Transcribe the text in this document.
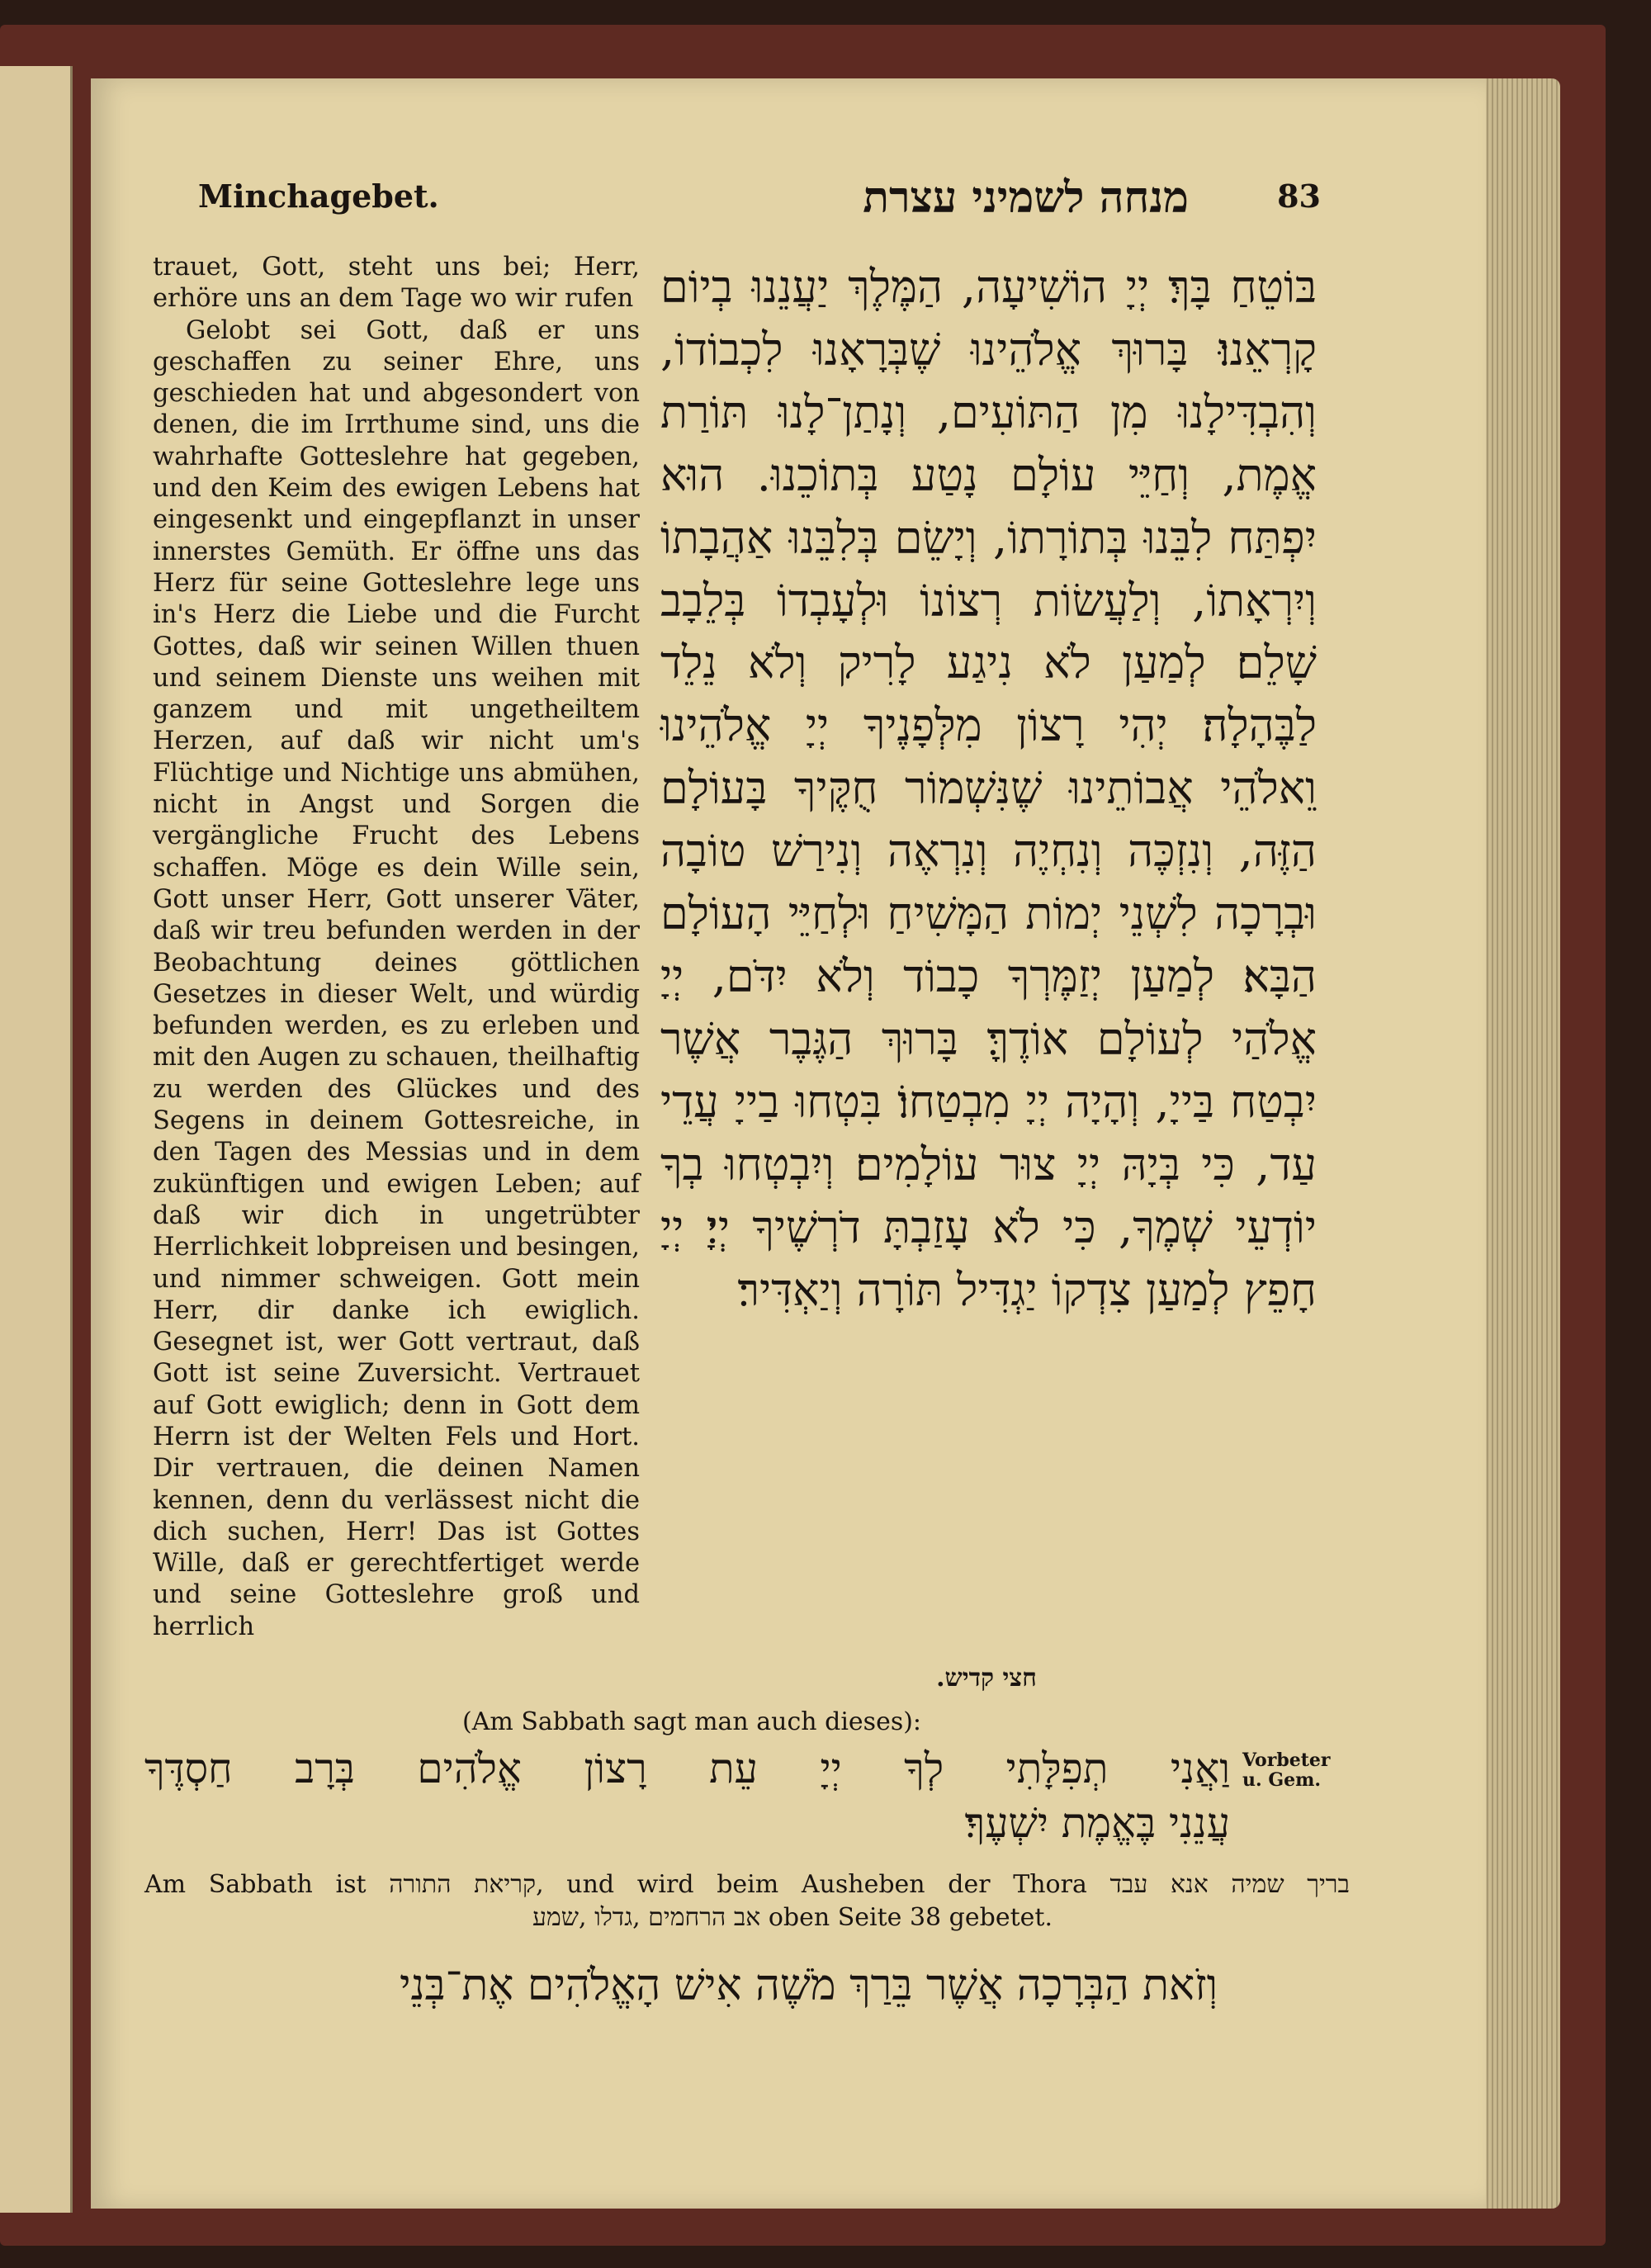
Minchagebet.	מנחה לשמיני עצרת	83

trauet, Gott, steht uns bei; Herr, erhöre uns an dem Tage wo wir rufen

Gelobt sei Gott, daß er uns geschaffen zu seiner Ehre, uns geschieden hat und abgesondert von denen, die im Irrthume sind, uns die wahrhafte Gotteslehre hat gegeben, und den Keim des ewigen Lebens hat eingesenkt und eingepflanzt in unser innerstes Gemüth. Er öffne uns das Herz für seine Gotteslehre lege uns in's Herz die Liebe und die Furcht Gottes, daß wir seinen Willen thuen und seinem Dienste uns weihen mit ganzem und mit ungetheiltem Herzen, auf daß wir nicht um's Flüchtige und Nichtige uns abmühen, nicht in Angst und Sorgen die vergängliche Frucht des Lebens schaffen. Möge es dein Wille sein, Gott unser Herr, Gott unserer Väter, daß wir treu befunden werden in der Beobachtung deines göttlichen Gesetzes in dieser Welt, und würdig befunden werden, es zu erleben und mit den Augen zu schauen, theilhaftig zu werden des Glückes und des Segens in deinem Gottesreiche, in den Tagen des Messias und in dem zukünftigen und ewigen Leben; auf daß wir dich in ungetrübter Herrlichkeit lobpreisen und besingen, und nimmer schweigen. Gott mein Herr, dir danke ich ewiglich. Gesegnet ist, wer Gott vertraut, daß Gott ist seine Zuversicht. Vertrauet auf Gott ewiglich; denn in Gott dem Herrn ist der Welten Fels und Hort. Dir vertrauen, die deinen Namen kennen, denn du verlässest nicht die dich suchen, Herr! Das ist Gottes Wille, daß er gerechtfertiget werde und seine Gotteslehre groß und herrlich

בּוֹטֵחַ בָּךְ׃ יְיָ הוֹשִׁיעָה, הַמֶּלֶךְ יַעֲנֵנוּ בְיוֹם קָרְאֵנוּ׃ בָּרוּךְ אֱלֹהֵינוּ שֶׁבְּרָאָנוּ לִכְבוֹדוֹ, וְהִבְדִּילָנוּ מִן הַתּוֹעִים, וְנָתַן־לָנוּ תּוֹרַת אֱמֶת, וְחַיֵּי עוֹלָם נָטַע בְּתוֹכֵנוּ. הוּא יִפְתַּח לִבֵּנוּ בְּתוֹרָתוֹ, וְיָשֵׂם בְּלִבֵּנוּ אַהֲבָתוֹ וְיִרְאָתוֹ, וְלַעֲשׂוֹת רְצוֹנוֹ וּלְעָבְדוֹ בְּלֵבָב שָׁלֵם׃ לְמַעַן לֹא נִיגַע לָרִיק וְלֹא נֵלֵד לַבֶּהָלָה׃ יְהִי רָצוֹן מִלְּפָנֶיךָ יְיָ אֱלֹהֵינוּ וֵאלֹהֵי אֲבוֹתֵינוּ שֶׁנִּשְׁמוֹר חֻקֶּיךָ בָּעוֹלָם הַזֶּה, וְנִזְכֶּה וְנִחְיֶה וְנִרְאֶה וְנִירַשׁ טוֹבָה וּבְרָכָה לִשְׁנֵי יְמוֹת הַמָּשִׁיחַ וּלְחַיֵּי הָעוֹלָם הַבָּא׃ לְמַעַן יְזַמֶּרְךָ כָבוֹד וְלֹא יִדֹּם, יְיָ אֱלֹהַי לְעוֹלָם אוֹדֶךָּ׃ בָּרוּךְ הַגֶּבֶר אֲשֶׁר יִבְטַח בַּייָ, וְהָיָה יְיָ מִבְטַחוֹ׃ בִּטְחוּ בַייָ עֲדֵי עַד, כִּי בְּיָהּ יְיָ צוּר עוֹלָמִים׃ וְיִבְטְחוּ בְךָ יוֹדְעֵי שְׁמֶךָ, כִּי לֹא עָזַבְתָּ דֹרְשֶׁיךָ יְיָ׃ יְיָ חָפֵץ לְמַעַן צִדְקוֹ יַגְדִּיל תּוֹרָה וְיַאְדִּיר׃
חצי קדיש.
(Am Sabbath sagt man auch dieses):
Vorbeter u. Gem.
וַאֲנִי תְפִלָּתִי לְךָ יְיָ עֵת רָצוֹן אֱלֹהִים בְּרָב חַסְדֶּךָ
עֲנֵנִי בֶּאֱמֶת יִשְׁעֶךָ׃
Am Sabbath ist קריאת התורה, und wird beim Ausheben der Thora בריך שמיה אנא עבד
אב הרחמים ,גדלו ,שמע oben Seite 38 gebetet.
וְזֹאת הַבְּרָכָה אֲשֶׁר בֵּרַךְ מֹשֶׁה אִישׁ הָאֱלֹהִים אֶת־בְּנֵי
